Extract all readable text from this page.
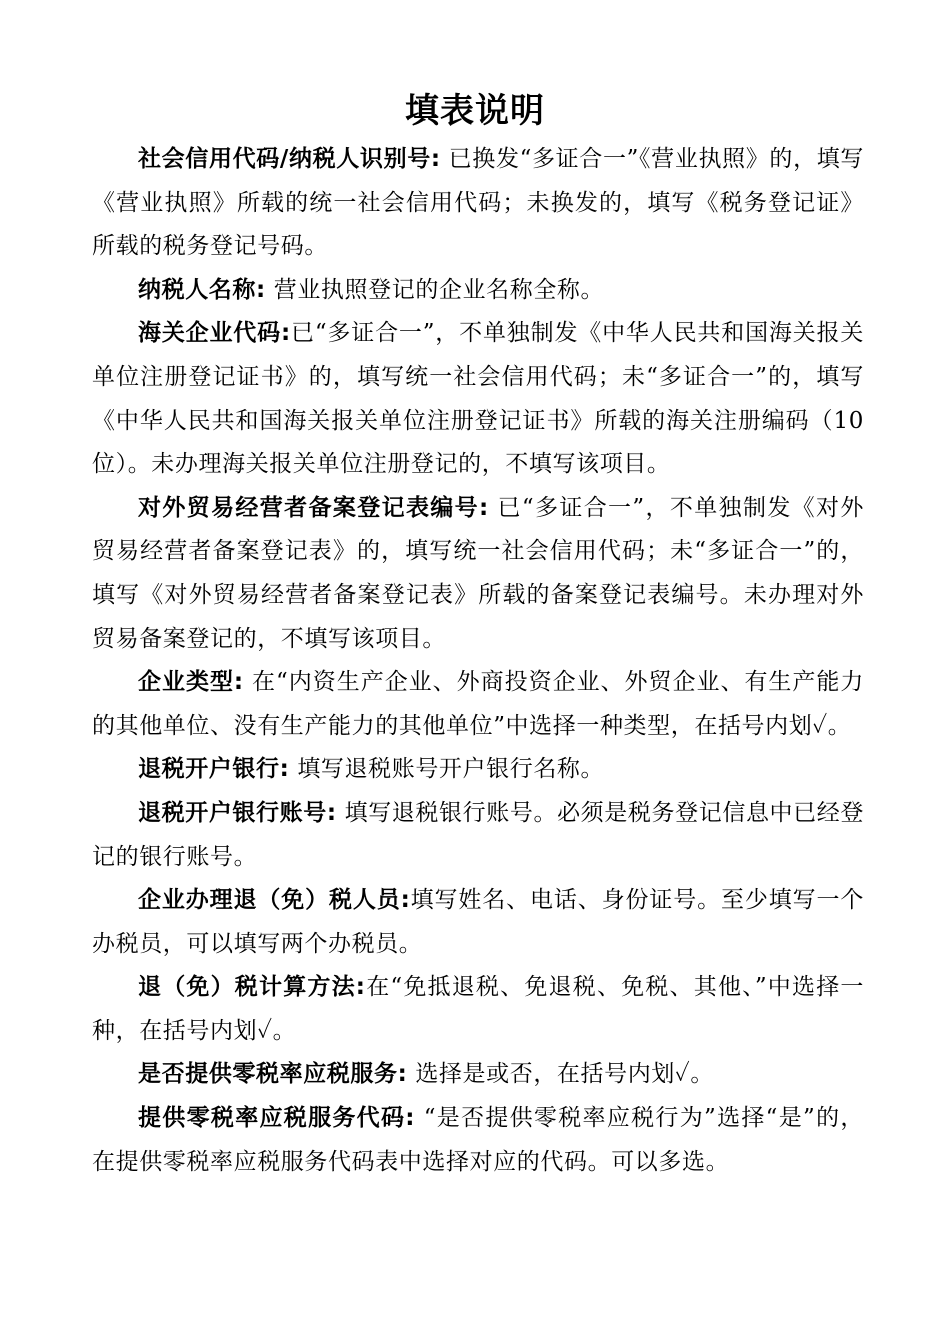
填表说明

社会信用代码/纳税人识别号: 已换发“多证合一”《营业执照》的，填写《营业执照》所载的统一社会信用代码；未换发的，填写《税务登记证》所载的税务登记号码。

纳税人名称: 营业执照登记的企业名称全称。

海关企业代码:已“多证合一”，不单独制发《中华人民共和国海关报关单位注册登记证书》的，填写统一社会信用代码；未“多证合一”的，填写《中华人民共和国海关报关单位注册登记证书》所载的海关注册编码（10位）。未办理海关报关单位注册登记的，不填写该项目。

对外贸易经营者备案登记表编号: 已“多证合一”，不单独制发《对外贸易经营者备案登记表》的，填写统一社会信用代码；未“多证合一”的，填写《对外贸易经营者备案登记表》所载的备案登记表编号。未办理对外贸易备案登记的，不填写该项目。

企业类型: 在“内资生产企业、外商投资企业、外贸企业、有生产能力的其他单位、没有生产能力的其他单位”中选择一种类型，在括号内划✓。

退税开户银行: 填写退税账号开户银行名称。

退税开户银行账号: 填写退税银行账号。必须是税务登记信息中已经登记的银行账号。

企业办理退（免）税人员:填写姓名、电话、身份证号。至少填写一个办税员，可以填写两个办税员。

退（免）税计算方法:在“免抵退税、免退税、免税、其他、”中选择一种，在括号内划✓。

是否提供零税率应税服务: 选择是或否，在括号内划✓。

提供零税率应税服务代码: “是否提供零税率应税行为”选择“是”的，在提供零税率应税服务代码表中选择对应的代码。可以多选。
